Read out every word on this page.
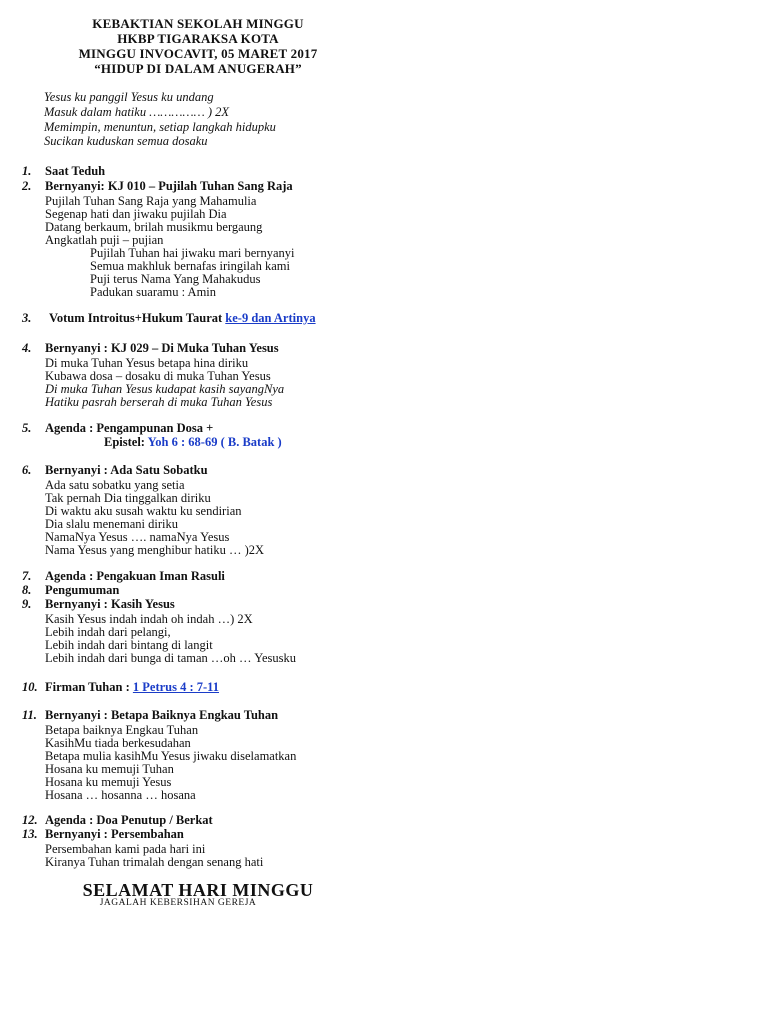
KEBAKTIAN SEKOLAH MINGGU
HKBP TIGARAKSA KOTA
MINGGU INVOCAVIT, 05 MARET 2017
“HIDUP DI DALAM ANUGERAH”
Yesus ku panggil Yesus ku undang
Masuk dalam hatiku …………… ) 2X
Memimpin, menuntun, setiap langkah hidupku
Sucikan kuduskan semua dosaku
1. Saat Teduh
2. Bernyanyi: KJ 010 – Pujilah Tuhan Sang Raja
Pujilah Tuhan Sang Raja yang Mahamulia
Segenap hati dan jiwaku pujilah Dia
Datang berkaum, brilah musikmu bergaung
Angkatlah puji – pujian
Pujilah Tuhan hai jiwaku mari bernyanyi
Semua makhluk bernafas iringilah kami
Puji terus Nama Yang Mahakudus
Padukan suaramu : Amin
3. Votum Introitus+Hukum Taurat ke-9 dan Artinya
4. Bernyanyi : KJ 029 – Di Muka Tuhan Yesus
Di muka Tuhan Yesus betapa hina diriku
Kubawa dosa – dosaku di muka Tuhan Yesus
Di muka Tuhan Yesus kudapat kasih sayangNya
Hatiku pasrah berserah di muka Tuhan Yesus
5. Agenda : Pengampunan Dosa +
Epistel: Yoh 6 : 68-69 ( B. Batak )
6. Bernyanyi : Ada Satu Sobatku
Ada satu sobatku yang setia
Tak pernah Dia tinggalkan diriku
Di waktu aku susah waktu ku sendirian
Dia slalu menemani diriku
NamaNya Yesus …. namaNya Yesus
Nama Yesus yang menghibur hatiku … )2X
7. Agenda : Pengakuan Iman Rasuli
8. Pengumuman
9. Bernyanyi : Kasih Yesus
Kasih Yesus indah indah oh indah …) 2X
Lebih indah dari pelangi,
Lebih indah dari bintang di langit
Lebih indah dari bunga di taman …oh … Yesusku
10. Firman Tuhan : 1 Petrus 4 : 7-11
11. Bernyanyi : Betapa Baiknya Engkau Tuhan
Betapa baiknya Engkau Tuhan
KasihMu tiada berkesudahan
Betapa mulia kasihMu Yesus jiwaku diselamatkan
Hosana ku memuji Tuhan
Hosana ku memuji Yesus
Hosana … hosanna … hosana
12. Agenda : Doa Penutup / Berkat
13. Bernyanyi : Persembahan
Persembahan kami pada hari ini
Kiranya Tuhan trimalah dengan senang hati
SELAMAT HARI MINGGU
JAGALAH KEBERSIHAN GEREJA
